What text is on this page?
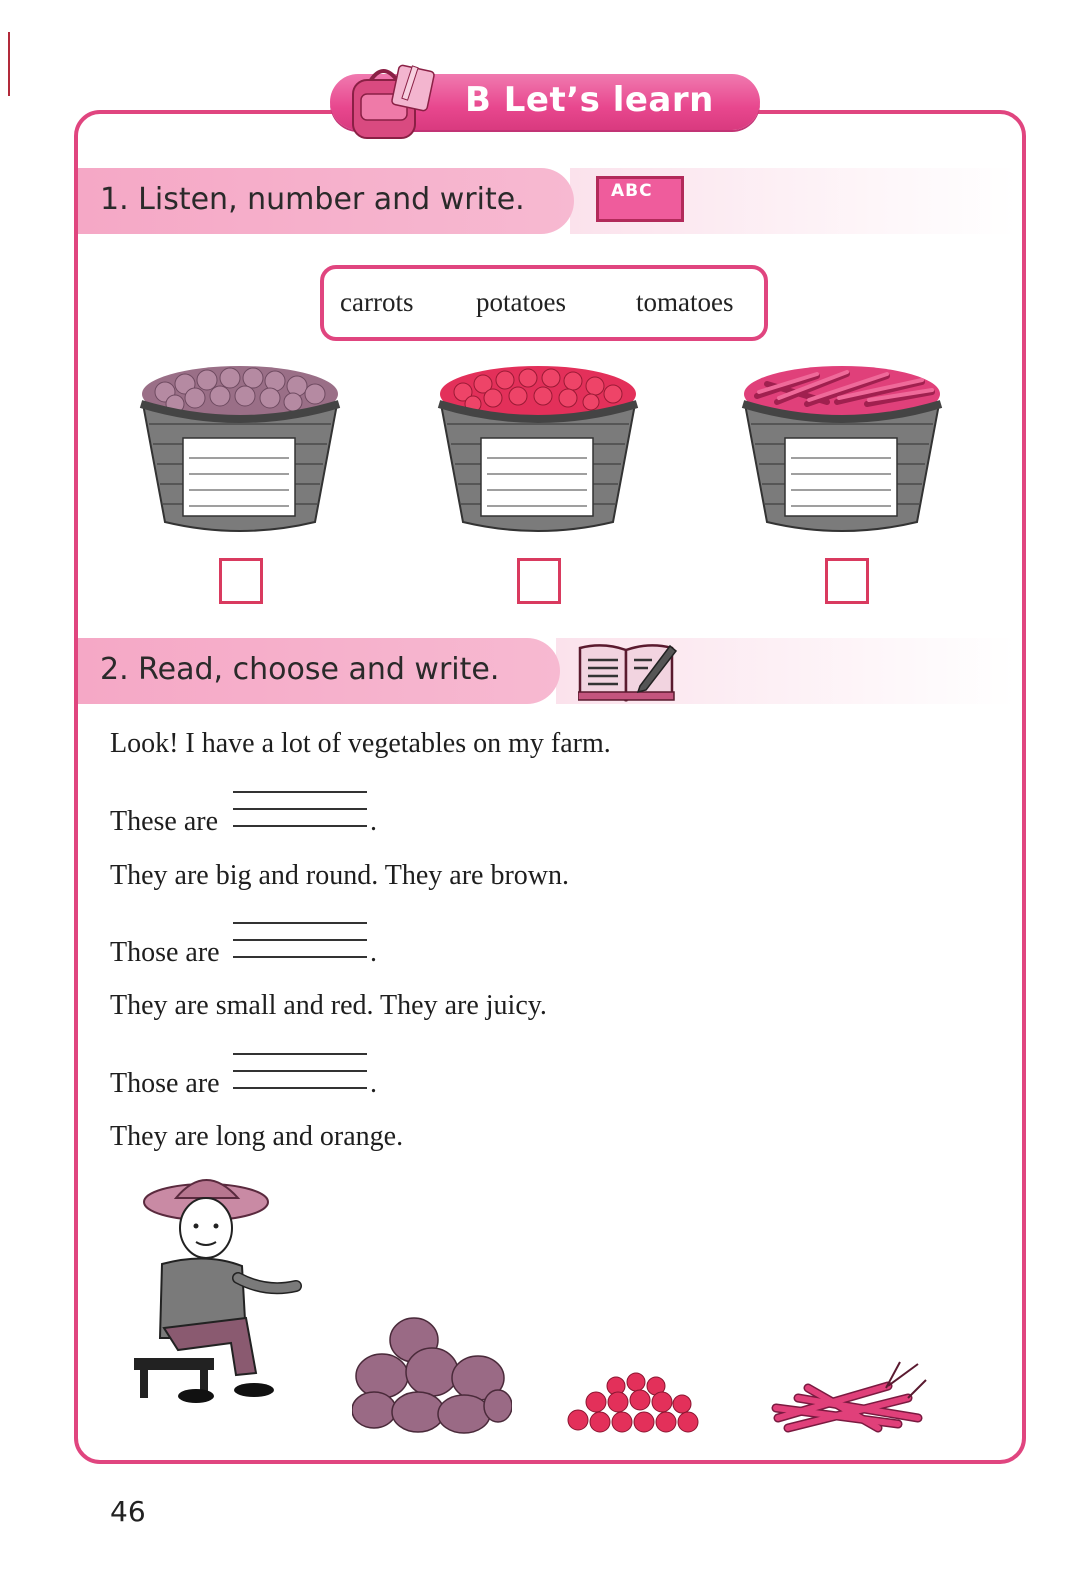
B Let’s learn
1. Listen, number and write.	ABC
carrots potatoes	tomatoes
2. Read, choose and write.
Look! I have a lot of vegetables on my farm.
These are	.
They are big and round. They are brown.
Those are	.
They are small and red. They are juicy.
Those are	.
They are long and orange.
46
